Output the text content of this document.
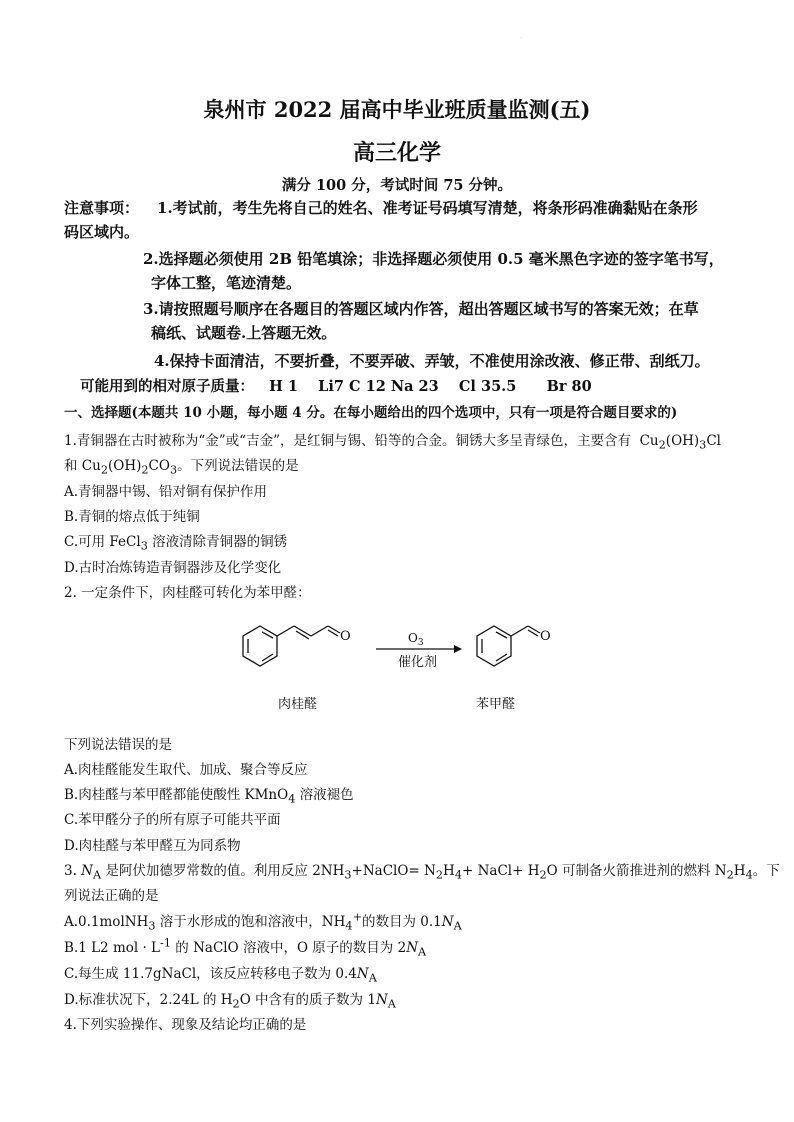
·
泉州市 2022 届高中毕业班质量监测(五)
高三化学
满分 100 分，考试时间 75 分钟。
注意事项： 1.考试前，考生先将自己的姓名、准考证号码填写清楚，将条形码准确黏贴在条形
码区域内。
2.选择题必须使用 2B 铅笔填涂；非选择题必须使用 0.5 毫米黑色字迹的签字笔书写，

字体工整，笔迹清楚。
3.请按照题号顺序在各题目的答题区域内作答，超出答题区域书写的答案无效；在草

稿纸、试题卷.上答题无效。
4.保持卡面清洁，不要折叠，不要弄破、弄皱，不准使用涂改液、修正带、刮纸刀。
可能用到的相对原子质量：   H 1    Li7 C 12 Na 23    Cl 35.5      Br 80
一、选择题(本题共 10 小题，每小题 4 分。在每小题给出的四个选项中，只有一项是符合题目要求的)
1.青铜器在古时被称为“金”或“吉金”，是红铜与锡、铅等的合金。铜锈大多呈青绿色，主要含有 $Cu_2(OH)_3Cl$
和 $Cu_2(OH)_2CO_3$。下列说法错误的是
A.青铜器中锡、铅对铜有保护作用
B.青铜的熔点低于纯铜
C.可用 FeCl$_3$ 溶液清除青铜器的铜锈
D.古时冶炼铸造青铜器涉及化学变化
2. 一定条件下，肉桂醛可转化为苯甲醛：
O	$O_3$
催化剂
O
肉桂醛	苯甲醛
下列说法错误的是
A.肉桂醛能发生取代、加成、聚合等反应
B.肉桂醛与苯甲醛都能使酸性 KMnO$_4$ 溶液褪色
C.苯甲醛分子的所有原子可能共平面
D.肉桂醛与苯甲醛互为同系物
3. $N_A$ 是阿伏加德罗常数的值。利用反应 $2NH_3+NaClO= N_2H_4+$ NaCl+ $H_2O$ 可制备火箭推进剂的燃料 $N_2H_4$。下
列说法正确的是
A.0.1molNH$_3$ 溶于水形成的饱和溶液中，$NH_4^+$的数目为 $0.1N_A$
B.1 L2 mol · $L^{-1}$ 的 NaClO 溶液中，O 原子的数目为 $2N_A$
C.每生成 11.7gNaCl，该反应转移电子数为 $0.4N_A$
D.标准状况下，2.24L 的 $H_2O$ 中含有的质子数为 $1N_A$
4.下列实验操作、现象及结论均正确的是
